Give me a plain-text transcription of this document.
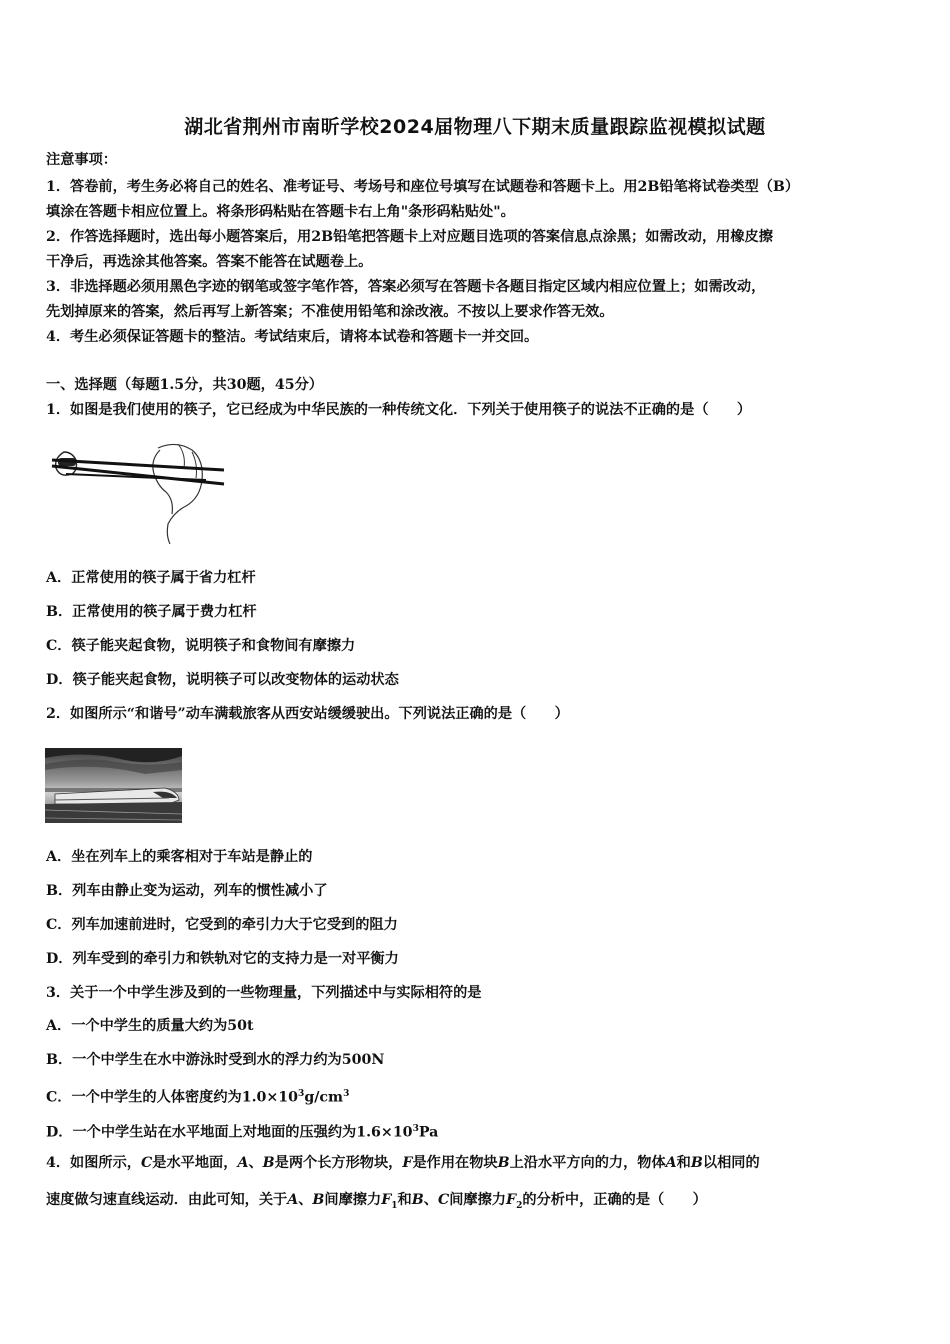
湖北省荆州市南昕学校2024届物理八下期末质量跟踪监视模拟试题
注意事项：
1．答卷前，考生务必将自己的姓名、准考证号、考场号和座位号填写在试题卷和答题卡上。用2B铅笔将试卷类型（B）
填涂在答题卡相应位置上。将条形码粘贴在答题卡右上角"条形码粘贴处"。
2．作答选择题时，选出每小题答案后，用2B铅笔把答题卡上对应题目选项的答案信息点涂黑；如需改动，用橡皮擦
干净后，再选涂其他答案。答案不能答在试题卷上。
3．非选择题必须用黑色字迹的钢笔或签字笔作答，答案必须写在答题卡各题目指定区域内相应位置上；如需改动，
先划掉原来的答案，然后再写上新答案；不准使用铅笔和涂改液。不按以上要求作答无效。
4．考生必须保证答题卡的整洁。考试结束后，请将本试卷和答题卡一并交回。
一、选择题（每题1.5分，共30题，45分）
1．如图是我们使用的筷子，它已经成为中华民族的一种传统文化．下列关于使用筷子的说法不正确的是（　　）
A．正常使用的筷子属于省力杠杆
B．正常使用的筷子属于费力杠杆
C．筷子能夹起食物，说明筷子和食物间有摩擦力
D．筷子能夹起食物，说明筷子可以改变物体的运动状态
2．如图所示“和谐号”动车满载旅客从西安站缓缓驶出。下列说法正确的是（　　）
A．坐在列车上的乘客相对于车站是静止的
B．列车由静止变为运动，列车的惯性减小了
C．列车加速前进时，它受到的牵引力大于它受到的阻力
D．列车受到的牵引力和铁轨对它的支持力是一对平衡力
3．关于一个中学生涉及到的一些物理量，下列描述中与实际相符的是
A．一个中学生的质量大约为50t
B．一个中学生在水中游泳时受到水的浮力约为500N
C．一个中学生的人体密度约为$1.0\times 10^3g/cm^3$
D．一个中学生站在水平地面上对地面的压强约为$1.6\times 10^3Pa$
4．如图所示，C是水平地面，A、B是两个长方形物块，F是作用在物块B上沿水平方向的力，物体A和B以相同的
速度做匀速直线运动．由此可知，关于A、B间摩擦力$F_1$和B、C间摩擦力$F_2$的分析中，正确的是（　　）
